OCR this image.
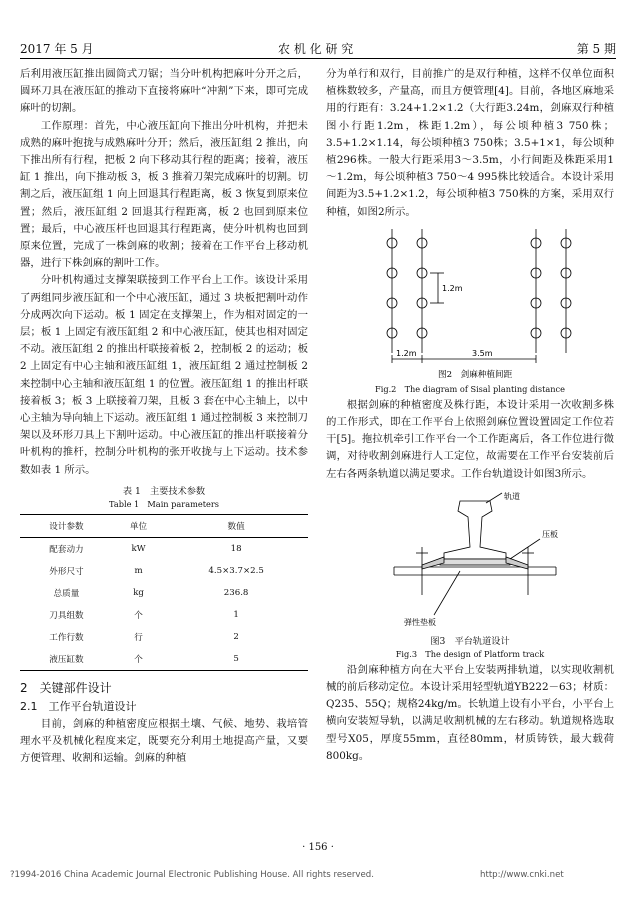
2017 年 5 月	农 机 化 研 究	第 5 期

后利用液压缸推出圆筒式刀锯；当分叶机构把麻叶分开之后，圆环刀具在液压缸的推动下直接将麻叶“冲割”下来，即可完成麻叶的切割。

工作原理：首先，中心液压缸向下推出分叶机构，并把未成熟的麻叶抱拢与成熟麻叶分开；然后，液压缸组 2 推出，向下推出所有行程，把板 2 向下移动其行程的距离；接着，液压缸 1 推出，向下推动板 3，板 3 推着刀架完成麻叶的切割。切割之后，液压缸组 1 向上回退其行程距离，板 3 恢复到原来位置；然后，液压缸组 2 回退其行程距离，板 2 也回到原来位置；最后，中心液压杆也回退其行程距离，使分叶机构也回到原来位置，完成了一株剑麻的收割；接着在工作平台上移动机器，进行下株剑麻的割叶工作。

分叶机构通过支撑架联接到工作平台上工作。该设计采用了两组同步液压缸和一个中心液压缸，通过 3 块板把割叶动作分成两次向下运动。板 1 固定在支撑架上，作为相对固定的一层；板 1 上固定有液压缸组 2 和中心液压缸，使其也相对固定不动。液压缸组 2 的推出杆联接着板 2，控制板 2 的运动；板 2 上固定有中心主轴和液压缸组 1，液压缸组 2 通过控制板 2 来控制中心主轴和液压缸组 1 的位置。液压缸组 1 的推出杆联接着板 3；板 3 上联接着刀架，且板 3 套在中心主轴上，以中心主轴为导向轴上下运动。液压缸组 1 通过控制板 3 来控制刀架以及环形刀具上下割叶运动。中心液压缸的推出杆联接着分叶机构的推杆，控制分叶机构的张开收拢与上下运动。技术参数如表 1 所示。

表 1　主要技术参数

Table 1　Main parameters

设计参数	单位	数值
配套动力	kW	18
外形尺寸	m	4.5×3.7×2.5
总质量	kg	236.8
刀具组数	个	1
工作行数	行	2
液压缸数	个	5

2　关键部件设计

2.1　工作平台轨道设计

目前，剑麻的种植密度应根据土壤、气候、地势、栽培管理水平及机械化程度来定，既要充分利用土地提高产量，又要方便管理、收割和运输。剑麻的种植

分为单行和双行，目前推广的是双行种植，这样不仅单位面积植株数较多，产量高，而且方便管理[4]。目前，各地区麻地采用的行距有：3.24+1.2×1.2（大行距3.24m，剑麻双行种植图小行距1.2m，株距1.2m），每公顷种植3 750株；3.5+1.2×1.14，每公顷种植3 750株；3.5+1×1，每公顷种植296株。一般大行距采用3～3.5m，小行间距及株距采用1～1.2m，每公顷种植3 750～4 995株比较适合。本设计采用间距为3.5+1.2×1.2，每公顷种植3 750株的方案，采用双行种植，如图2所示。

1.2m
1.2m	3.5m
图2　剑麻种植间距

Fig.2　The diagram of Sisal planting distance

根据剑麻的种植密度及株行距，本设计采用一次收割多株的工作形式，即在工作平台上依照剑麻位置设置固定工作位若干[5]。拖拉机牵引工作平台一个工作距离后，各工作位进行微调，对待收割剑麻进行人工定位，故需要在工作平台安装前后左右各两条轨道以满足要求。工作台轨道设计如图3所示。

轨道
压板
弹性垫板

图3　平台轨道设计

Fig.3　The design of Platform track

沿剑麻种植方向在大平台上安装两排轨道，以实现收割机械的前后移动定位。本设计采用轻型轨道YB222－63；材质：Q235、55Q；规格24kg/m。长轨道上设有小平台，小平台上横向安装短导轨，以满足收割机械的左右移动。轨道规格选取型号X05，厚度55mm，直径80mm，材质铸铁，最大载荷800kg。

· 156 ·
?1994-2016 China Academic Journal Electronic Publishing House. All rights reserved.	http://www.cnki.net
